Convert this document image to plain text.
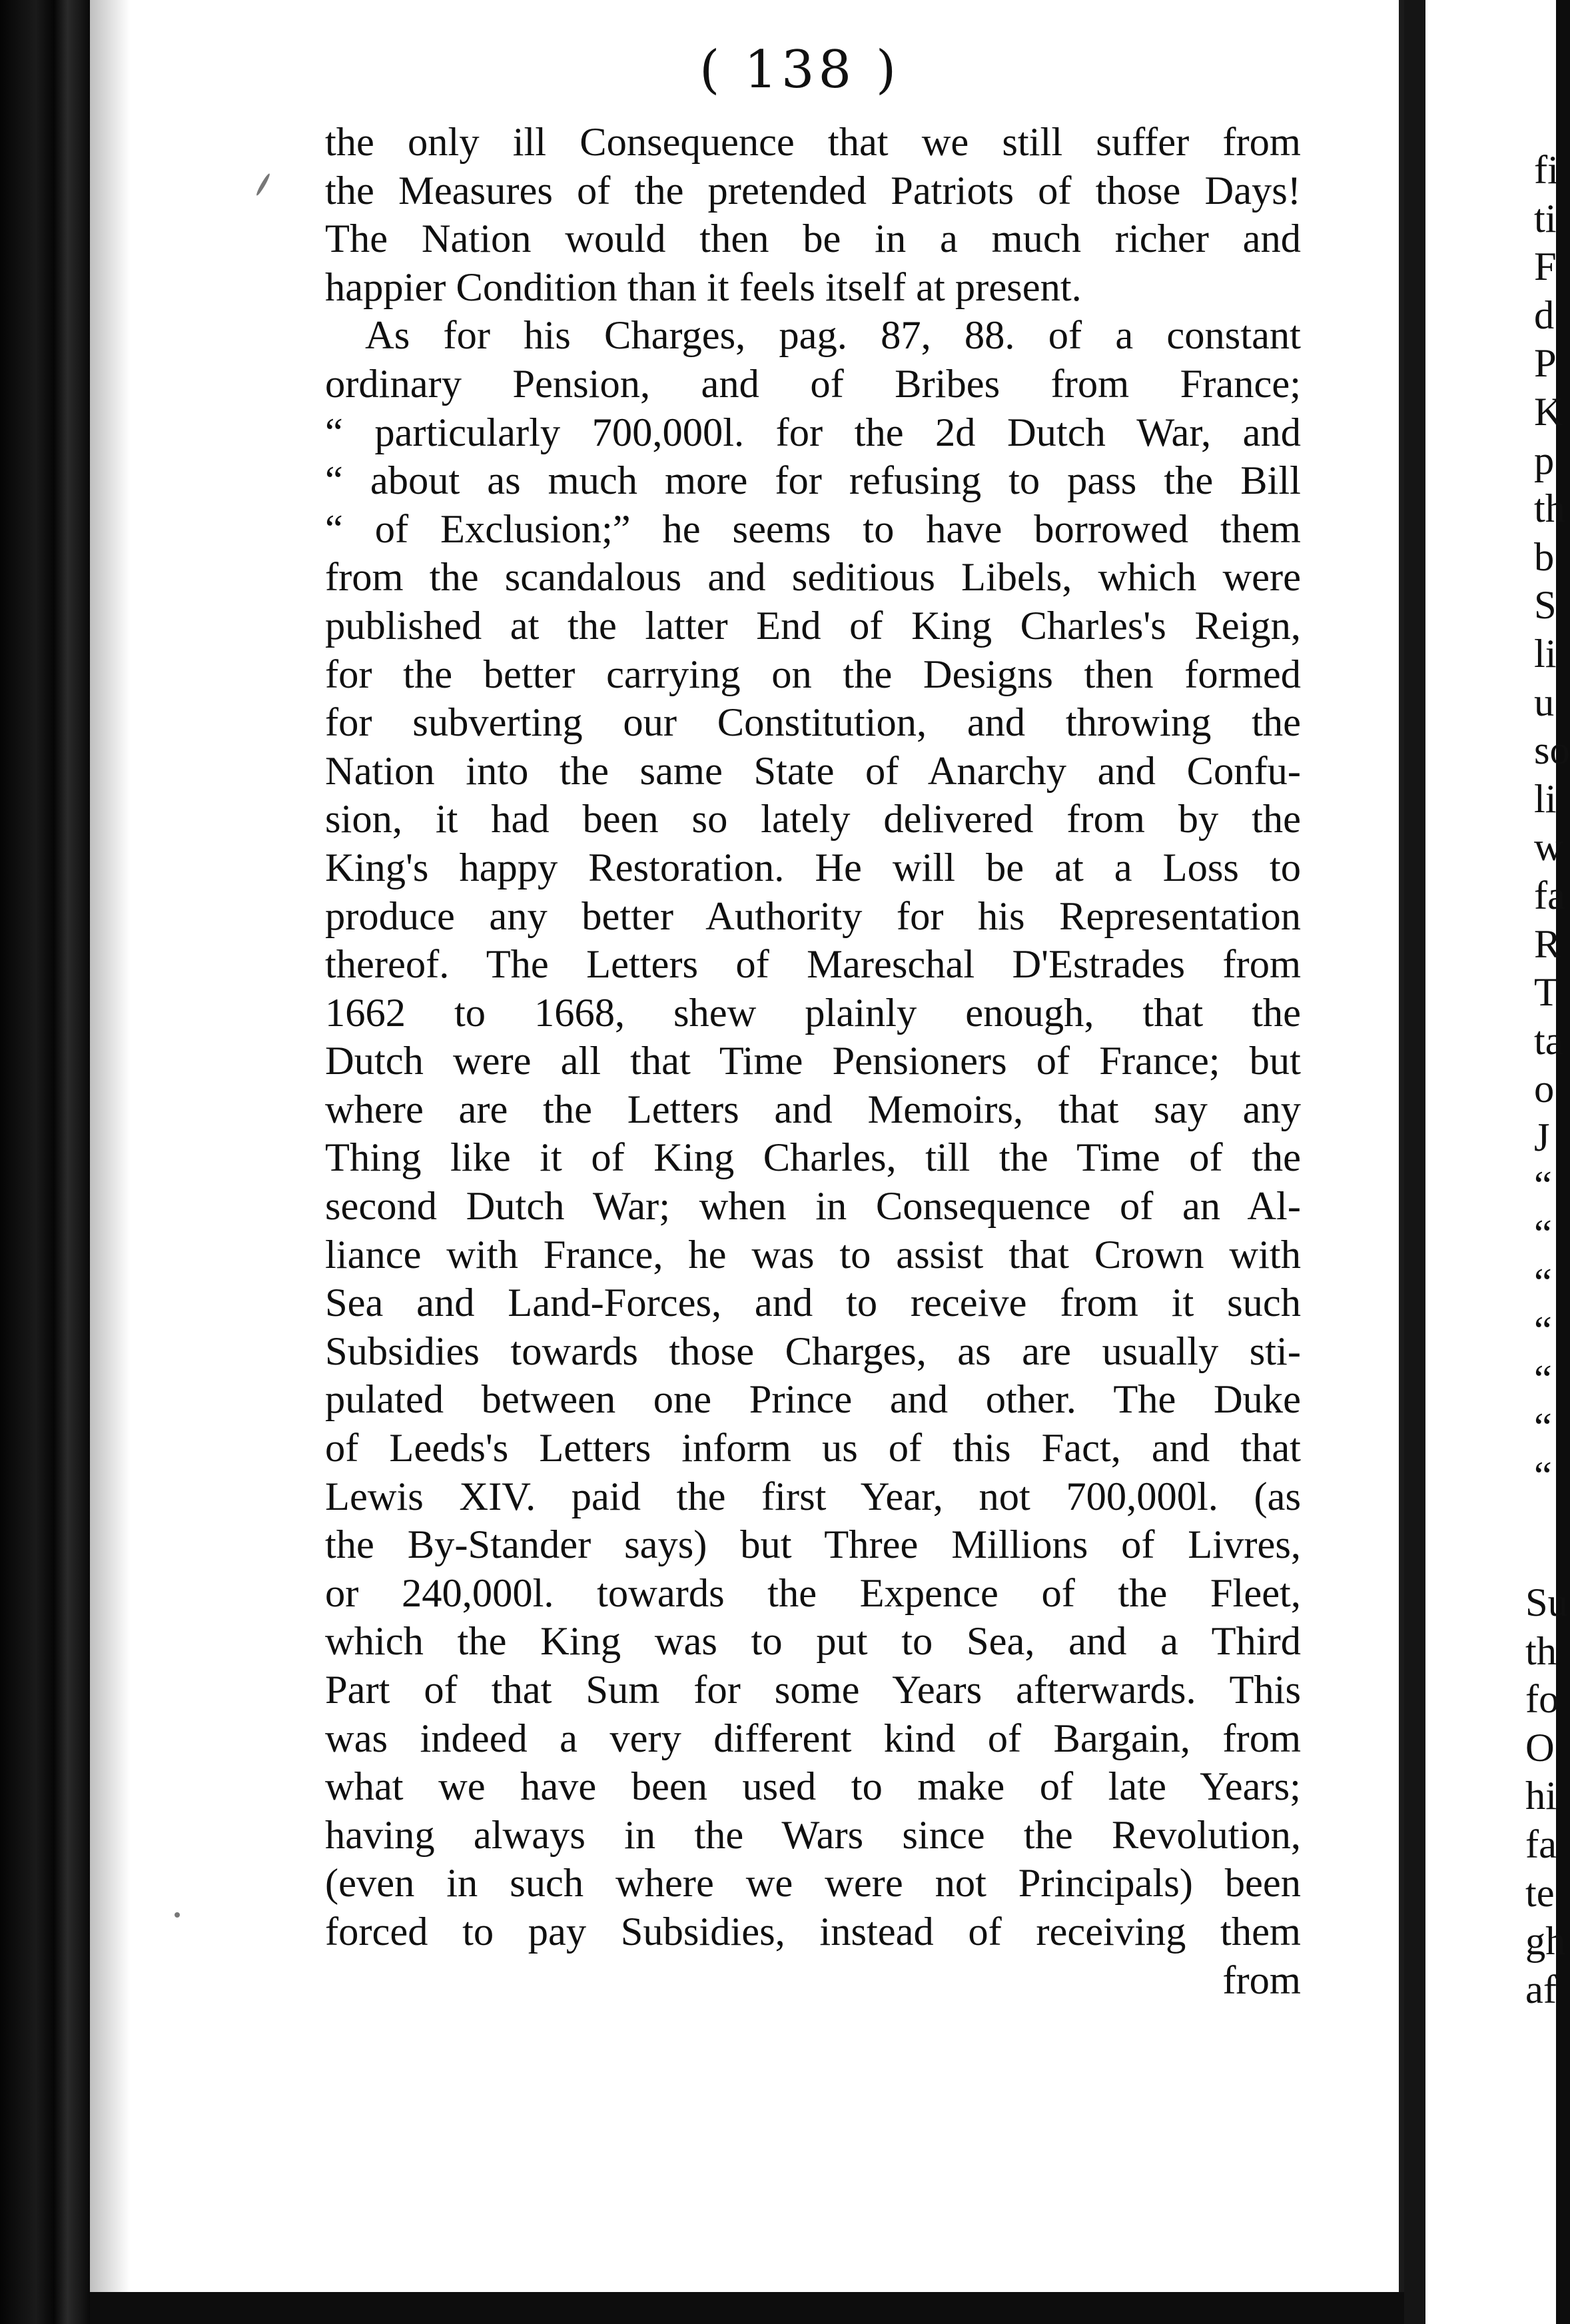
( 138 )
the only ill Consequence that we still suffer from
the Measures of the pretended Patriots of those Days!
The Nation would then be in a much richer and
happier Condition than it feels itself at present.
As for his Charges, pag. 87, 88. of a constant
ordinary Pension, and of Bribes from France;
“ particularly 700,000l. for the 2d Dutch War, and
“ about as much more for refusing to pass the Bill
“ of Exclusion;” he seems to have borrowed them
from the scandalous and seditious Libels, which were
published at the latter End of King Charles's Reign,
for the better carrying on the Designs then formed
for subverting our Constitution, and throwing the
Nation into the same State of Anarchy and Confu-
sion, it had been so lately delivered from by the
King's happy Restoration. He will be at a Loss to
produce any better Authority for his Representation
thereof. The Letters of Mareschal D'Estrades from
1662 to 1668, shew plainly enough, that the
Dutch were all that Time Pensioners of France; but
where are the Letters and Memoirs, that say any
Thing like it of King Charles, till the Time of the
second Dutch War; when in Consequence of an Al-
liance with France, he was to assist that Crown with
Sea and Land-Forces, and to receive from it such
Subsidies towards those Charges, as are usually sti-
pulated between one Prince and other. The Duke
of Leeds's Letters inform us of this Fact, and that
Lewis XIV. paid the first Year, not 700,000l. (as
the By-Stander says) but Three Millions of Livres,
or 240,000l. towards the Expence of the Fleet,
which the King was to put to Sea, and a Third
Part of that Sum for some Years afterwards. This
was indeed a very different kind of Bargain, from
what we have been used to make of late Years;
having always in the Wars since the Revolution,
(even in such where we were not Principals) been
forced to pay Subsidies, instead of receiving them
from
fi
ti
F
d
P
K
p
th
b
S
li
u
so
li
w
fa
R
T
ta
o
J
“
“
“
“
“
“
“
Su
th
fo
O
hi
fa
te
gh
af
